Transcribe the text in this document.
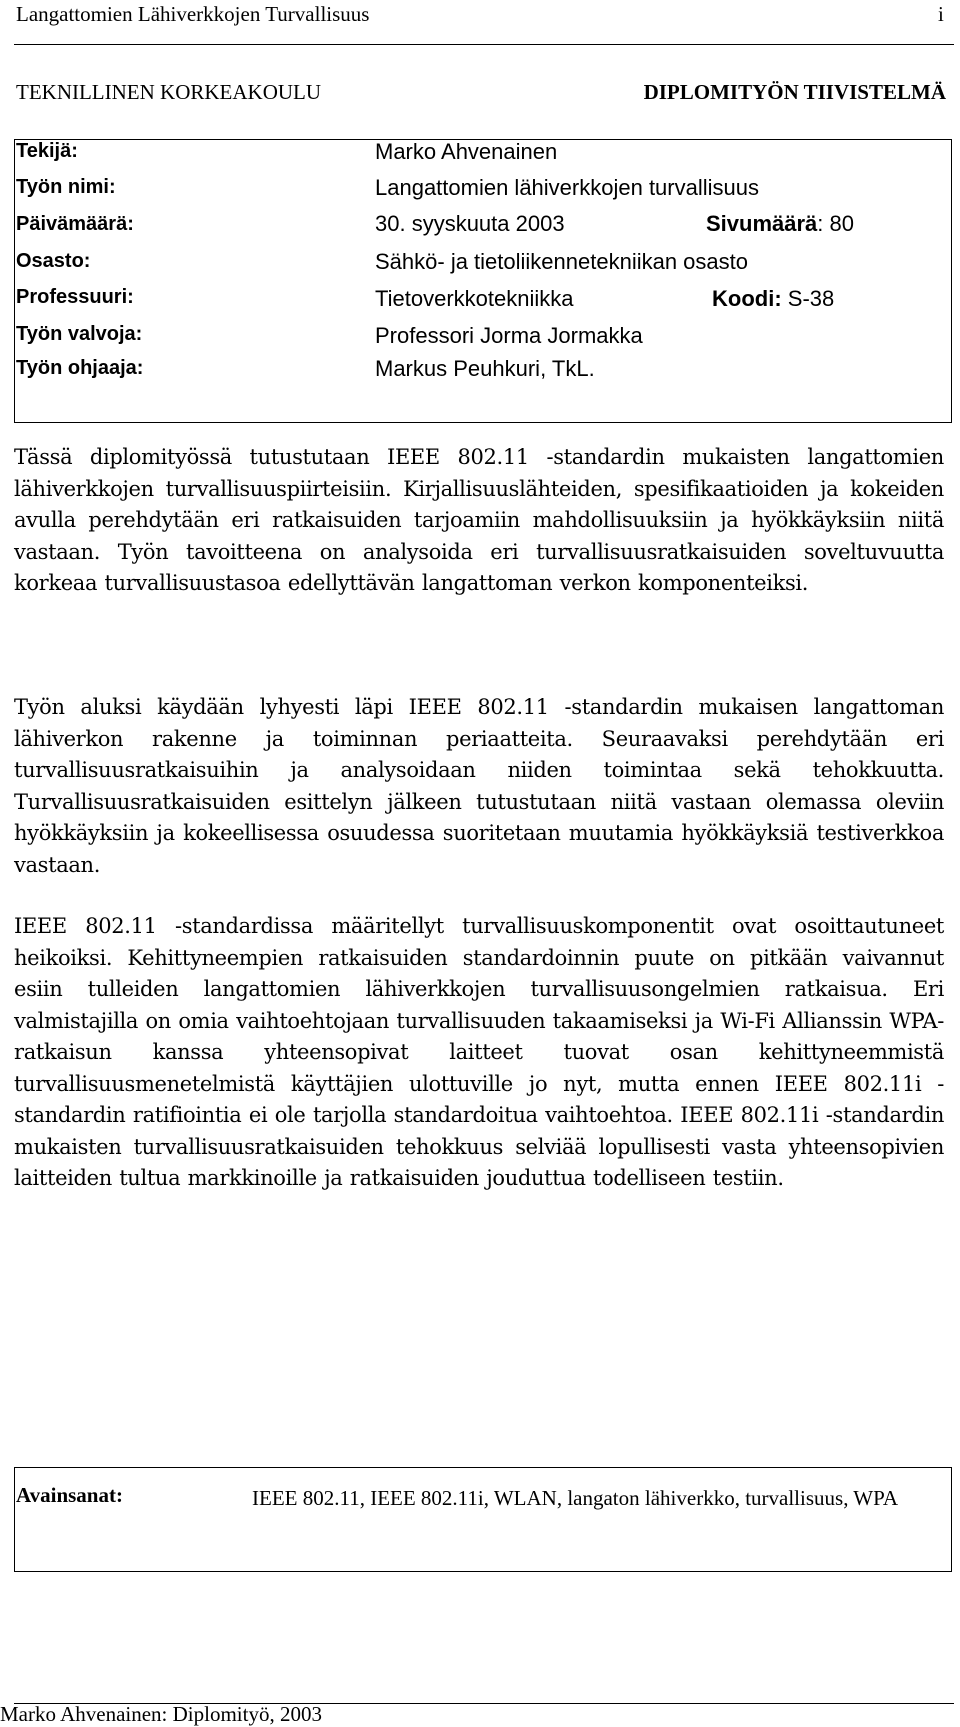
Langattomien Lähiverkkojen Turvallisuus	i
TEKNILLINEN KORKEAKOULU	DIPLOMITYÖN TIIVISTELMÄ
Tekijä:	Marko Ahvenainen
Työn nimi:	Langattomien lähiverkkojen turvallisuus
Päivämäärä:	30. syyskuuta 2003	Sivumäärä: 80
Osasto:	Sähkö- ja tietoliikennetekniikan osasto
Professuuri:	Tietoverkkotekniikka	Koodi: S-38
Työn valvoja:	Professori Jorma Jormakka
Työn ohjaaja:	Markus Peuhkuri, TkL.

Tässä diplomityössä tutustutaan IEEE 802.11 -standardin mukaisten langattomien lähiverkkojen turvallisuuspiirteisiin. Kirjallisuuslähteiden, spesifikaatioiden ja kokeiden avulla perehdytään eri ratkaisuiden tarjoamiin mahdollisuuksiin ja hyökkäyksiin niitä vastaan. Työn tavoitteena on analysoida eri turvallisuusratkaisuiden soveltuvuutta korkeaa turvallisuustasoa edellyttävän langattoman verkon komponenteiksi.

Työn aluksi käydään lyhyesti läpi IEEE 802.11 -standardin mukaisen langattoman lähiverkon rakenne ja toiminnan periaatteita. Seuraavaksi perehdytään eri turvallisuusratkaisuihin ja analysoidaan niiden toimintaa sekä tehokkuutta. Turvallisuusratkaisuiden esittelyn jälkeen tutustutaan niitä vastaan olemassa oleviin hyökkäyksiin ja kokeellisessa osuudessa suoritetaan muutamia hyökkäyksiä testiverkkoa vastaan.

IEEE 802.11 -standardissa määritellyt turvallisuuskomponentit ovat osoittautuneet heikoiksi. Kehittyneempien ratkaisuiden standardoinnin puute on pitkään vaivannut esiin tulleiden langattomien lähiverkkojen turvallisuusongelmien ratkaisua. Eri valmistajilla on omia vaihtoehtojaan turvallisuuden takaamiseksi ja Wi-Fi Allianssin WPA-ratkaisun kanssa yhteensopivat laitteet tuovat osan kehittyneemmistä turvallisuusmenetelmistä käyttäjien ulottuville jo nyt, mutta ennen IEEE 802.11i -standardin ratifiointia ei ole tarjolla standardoitua vaihtoehtoa. IEEE 802.11i -standardin mukaisten turvallisuusratkaisuiden tehokkuus selviää lopullisesti vasta yhteensopivien laitteiden tultua markkinoille ja ratkaisuiden jouduttua todelliseen testiin.

Avainsanat:	IEEE 802.11, IEEE 802.11i, WLAN, langaton lähiverkko, turvallisuus, WPA
Marko Ahvenainen: Diplomityö, 2003
